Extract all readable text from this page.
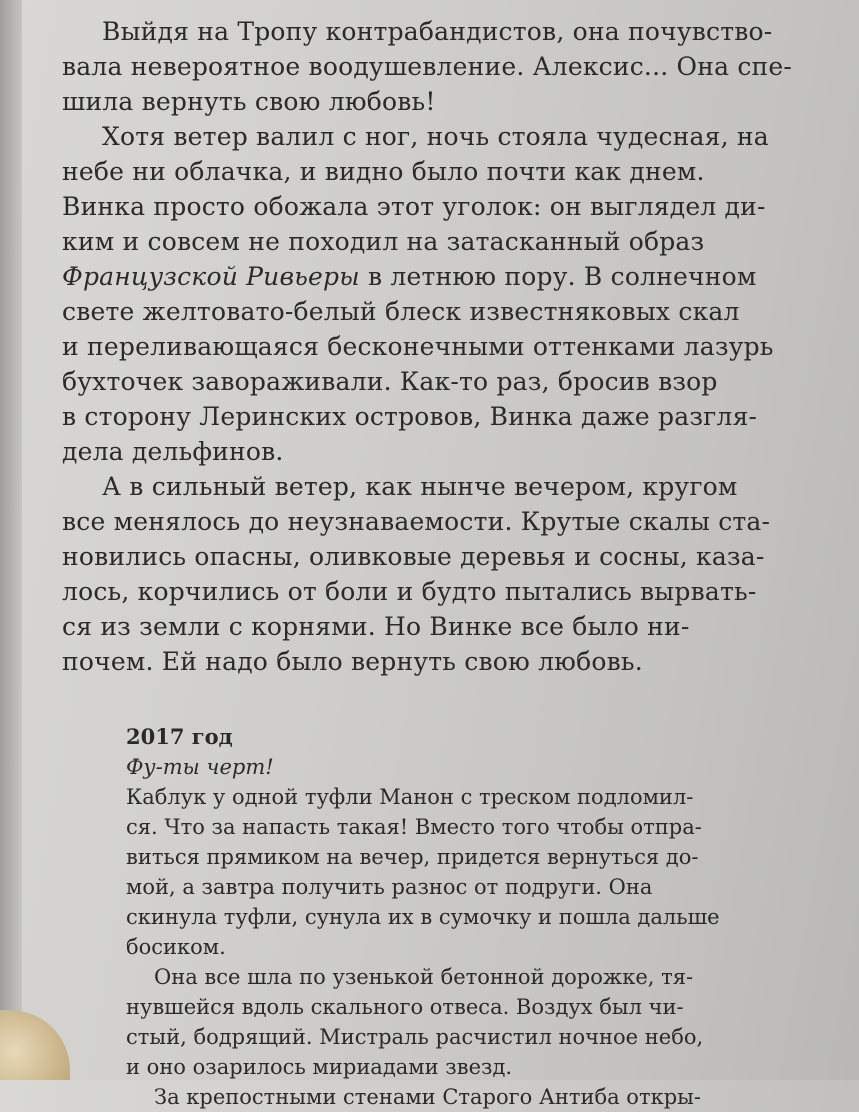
Выйдя на Тропу контрабандистов, она почувство-
вала невероятное воодушевление. Алексис... Она спе-
шила вернуть свою любовь!
Хотя ветер валил с ног, ночь стояла чудесная, на
небе ни облачка, и видно было почти как днем.
Винка просто обожала этот уголок: он выглядел ди-
ким и совсем не походил на затасканный образ
Французской Ривьеры в летнюю пору. В солнечном
свете желтовато-белый блеск известняковых скал
и переливающаяся бесконечными оттенками лазурь
бухточек завораживали. Как-то раз, бросив взор
в сторону Леринских островов, Винка даже разгля-
дела дельфинов.
А в сильный ветер, как нынче вечером, кругом
все менялось до неузнаваемости. Крутые скалы ста-
новились опасны, оливковые деревья и сосны, каза-
лось, корчились от боли и будто пытались вырвать-
ся из земли с корнями. Но Винке все было ни-
почем. Ей надо было вернуть свою любовь.
2017 год
Фу-ты черт!
Каблук у одной туфли Манон с треском подломил-
ся. Что за напасть такая! Вместо того чтобы отпра-
виться прямиком на вечер, придется вернуться до-
мой, а завтра получить разнос от подруги. Она
скинула туфли, сунула их в сумочку и пошла дальше
босиком.
Она все шла по узенькой бетонной дорожке, тя-
нувшейся вдоль скального отвеса. Воздух был чи-
стый, бодрящий. Мистраль расчистил ночное небо,
и оно озарилось мириадами звезд.
За крепостными стенами Старого Антиба откры-
